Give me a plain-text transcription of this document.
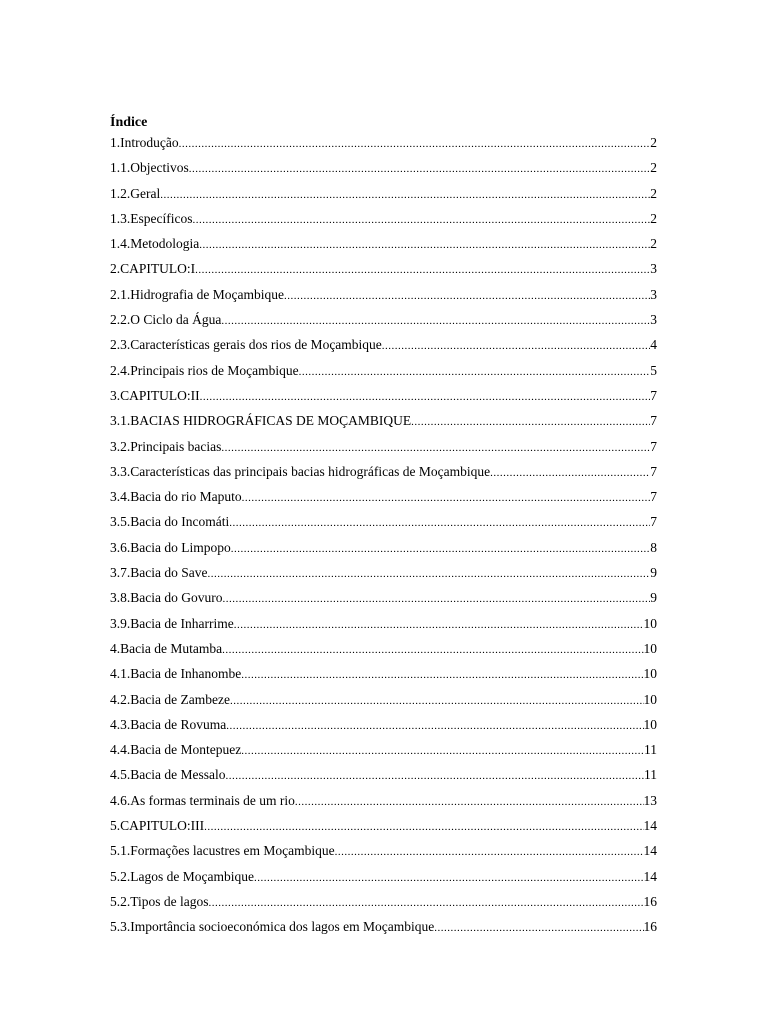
Índice
1.Introdução .....	2
1.1.Objectivos .....	2
1.2.Geral .....	2
1.3.Específicos .....	2
1.4.Metodologia .....	2
2.CAPITULO:I .....	3
2.1.Hidrografia de Moçambique .....	3
2.2.O Ciclo da Água .....	3
2.3.Características gerais dos rios de Moçambique .....	4
2.4.Principais rios de Moçambique .....	5
3.CAPITULO:II .....	7
3.1.BACIAS HIDROGRÁFICAS DE MOÇAMBIQUE .....	7
3.2.Principais bacias .....	7
3.3.Características das principais bacias hidrográficas de Moçambique .....	7
3.4.Bacia do rio Maputo .....	7
3.5.Bacia do Incomáti .....	7
3.6.Bacia do Limpopo .....	8
3.7.Bacia do Save .....	9
3.8.Bacia do Govuro .....	9
3.9.Bacia de Inharrime .....	10
4.Bacia de Mutamba .....	10
4.1.Bacia de Inhanombe .....	10
4.2.Bacia de Zambeze .....	10
4.3.Bacia de Rovuma .....	10
4.4.Bacia de Montepuez .....	11
4.5.Bacia de Messalo .....	11
4.6.As formas terminais de um rio .....	13
5.CAPITULO:III .....	14
5.1.Formações lacustres em Moçambique .....	14
5.2.Lagos de Moçambique .....	14
5.2.Tipos de lagos .....	16
5.3.Importância socioeconómica dos lagos em Moçambique .....	16
